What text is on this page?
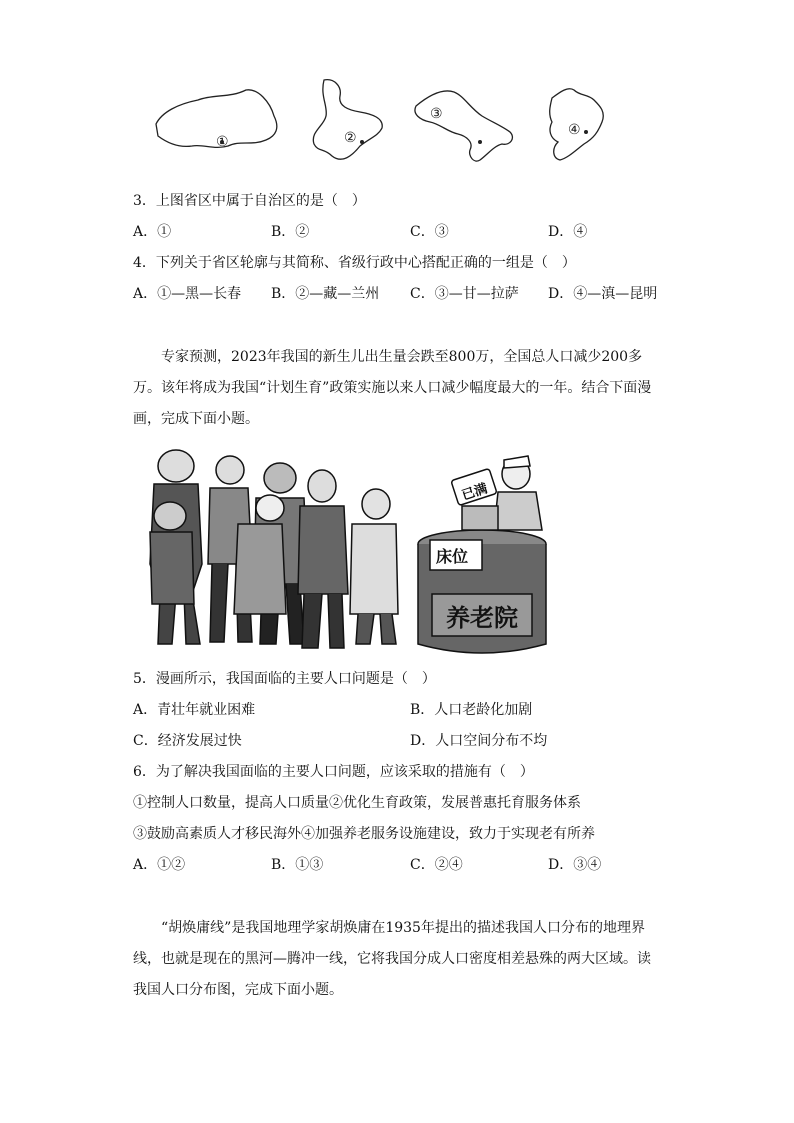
①	②
③
④
3．上图省区中属于自治区的是（　）
A．①	B．②	C．③	D．④
4．下列关于省区轮廓与其简称、省级行政中心搭配正确的一组是（　）
A．①—黑—长春 B．②—藏—兰州 C．③—甘—拉萨 D．④—滇—昆明
专家预测，2023年我国的新生儿出生量会跌至800万，全国总人口减少200多万。该年将成为我国“计划生育”政策实施以来人口减少幅度最大的一年。结合下面漫画，完成下面小题。
已满
床位
养老院
5．漫画所示，我国面临的主要人口问题是（　）
A．青壮年就业困难	B．人口老龄化加剧
C．经济发展过快	D．人口空间分布不均
6．为了解决我国面临的主要人口问题，应该采取的措施有（　）
①控制人口数量，提高人口质量②优化生育政策，发展普惠托育服务体系
③鼓励高素质人才移民海外④加强养老服务设施建设，致力于实现老有所养
A．①②	B．①③	C．②④	D．③④
“胡焕庸线”是我国地理学家胡焕庸在1935年提出的描述我国人口分布的地理界线，也就是现在的黑河—腾冲一线，它将我国分成人口密度相差悬殊的两大区域。读我国人口分布图，完成下面小题。
